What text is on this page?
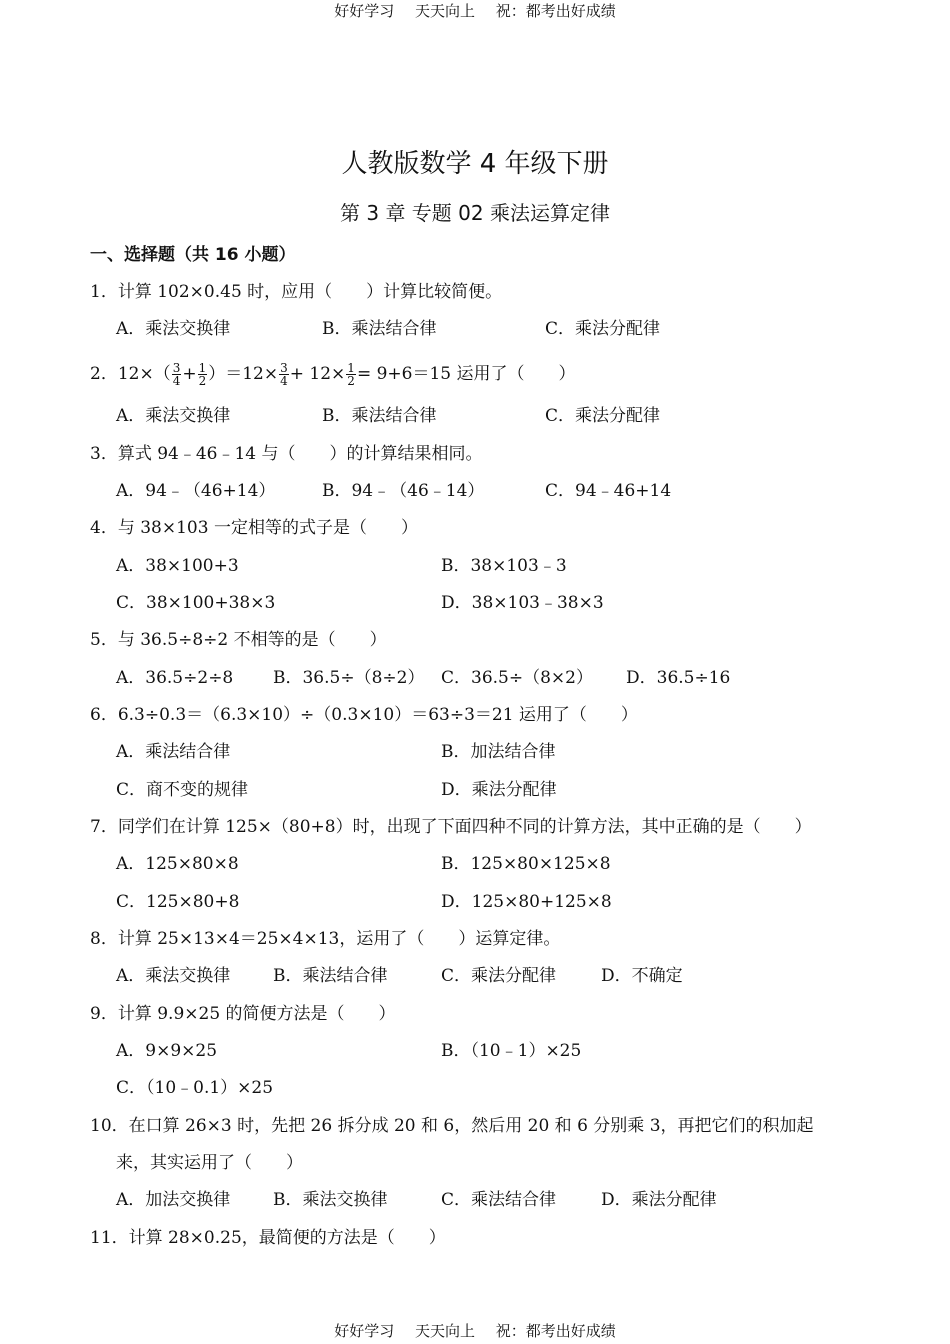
好好学习 天天向上 祝：都考出好成绩
人教版数学 4 年级下册
第 3 章 专题 02 乘法运算定律
一、选择题（共 16 小题）
1．计算 102×0.45 时，应用（　　）计算比较简便。
A．乘法交换律	B．乘法结合律	C．乘法分配律
2．$12\times( \frac{3}{4} + \frac{1}{2} )=12\times \frac{3}{4} + 12\times \frac{1}{2} = 9+6=15$ 运用了（　　）
A．乘法交换律	B．乘法结合律	C．乘法分配律
3．算式 94﹣46﹣14 与（　　）的计算结果相同。
A．94﹣（46+14）	B．94﹣（46﹣14）	C．94﹣46+14
4．与 38×103 一定相等的式子是（　　）
A．38×100+3	B．38×103﹣3
C．38×100+38×3	D．38×103﹣38×3
5．与 36.5÷8÷2 不相等的是（　　）
A．36.5÷2÷8 B．36.5÷（8÷2） C．36.5÷（8×2） D．36.5÷16
6．6.3÷0.3＝（6.3×10）÷（0.3×10）＝63÷3＝21 运用了（　　）
A．乘法结合律	B．加法结合律
C．商不变的规律	D．乘法分配律
7．同学们在计算 125×（80+8）时，出现了下面四种不同的计算方法，其中正确的是（　　）
A．125×80×8	B．125×80×125×8
C．125×80+8	D．125×80+125×8
8．计算 25×13×4＝25×4×13，运用了（　　）运算定律。
A．乘法交换律	B．乘法结合律	C．乘法分配律	D．不确定
9．计算 9.9×25 的简便方法是（　　）
A．9×9×25	B．（10﹣1）×25
C．（10﹣0.1）×25
10．在口算 26×3 时，先把 26 拆分成 20 和 6，然后用 20 和 6 分别乘 3，再把它们的积加起
来，其实运用了（　　）
A．加法交换律	B．乘法交换律	C．乘法结合律	D．乘法分配律
11．计算 28×0.25，最简便的方法是（　　）
好好学习 天天向上 祝：都考出好成绩
